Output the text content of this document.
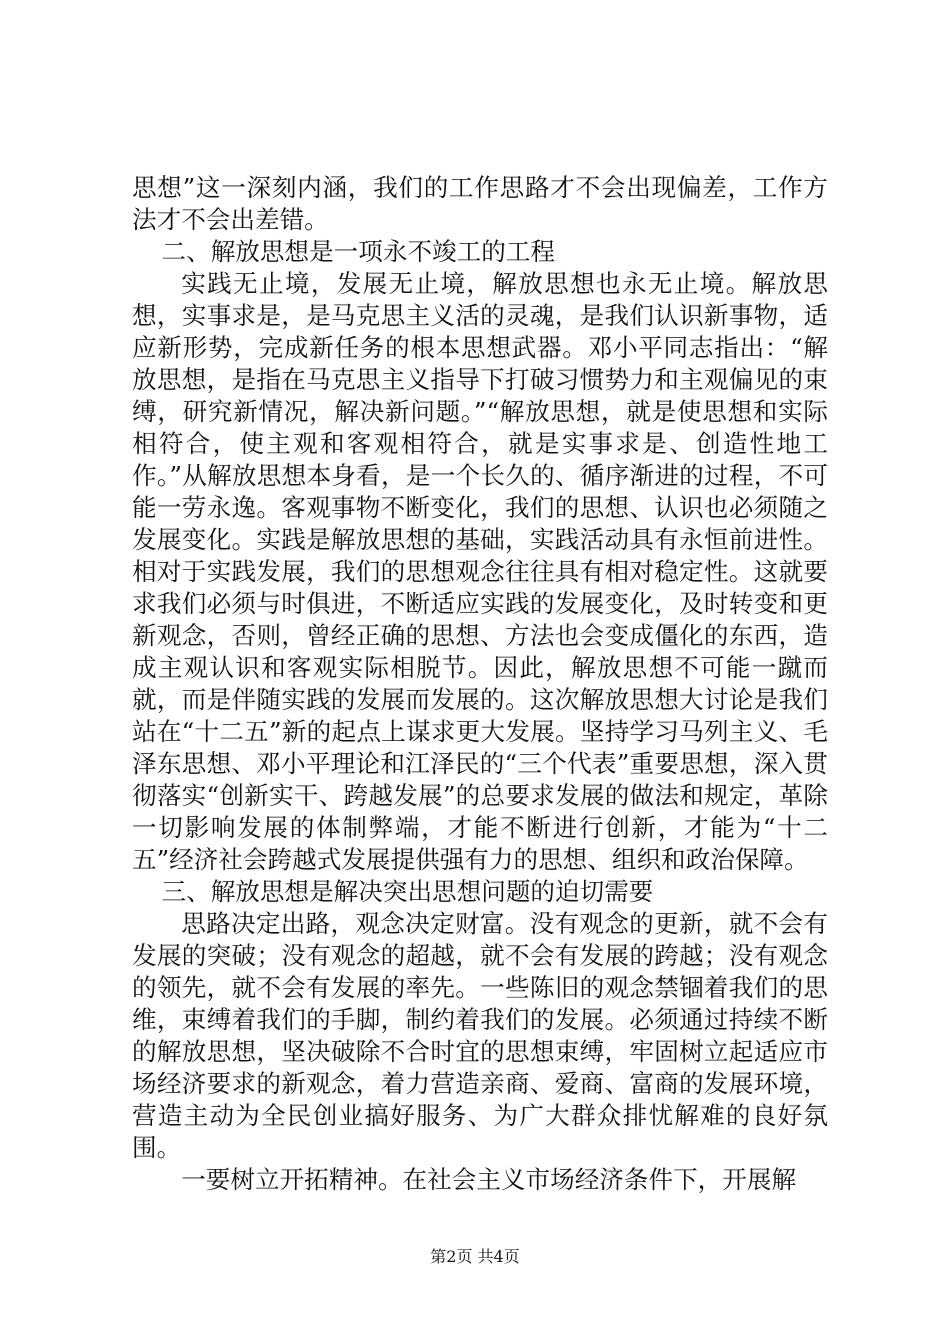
思想”这一深刻内涵，我们的工作思路才不会出现偏差，工作方法才不会出差错。

二、解放思想是一项永不竣工的工程

实践无止境，发展无止境，解放思想也永无止境。解放思想，实事求是，是马克思主义活的灵魂，是我们认识新事物，适应新形势，完成新任务的根本思想武器。邓小平同志指出：“解放思想，是指在马克思主义指导下打破习惯势力和主观偏见的束缚，研究新情况，解决新问题。”“解放思想，就是使思想和实际相符合，使主观和客观相符合，就是实事求是、创造性地工作。”从解放思想本身看，是一个长久的、循序渐进的过程，不可能一劳永逸。客观事物不断变化，我们的思想、认识也必须随之发展变化。实践是解放思想的基础，实践活动具有永恒前进性。相对于实践发展，我们的思想观念往往具有相对稳定性。这就要求我们必须与时俱进，不断适应实践的发展变化，及时转变和更新观念，否则，曾经正确的思想、方法也会变成僵化的东西，造成主观认识和客观实际相脱节。因此，解放思想不可能一蹴而就，而是伴随实践的发展而发展的。这次解放思想大讨论是我们站在“十二五”新的起点上谋求更大发展。坚持学习马列主义、毛泽东思想、邓小平理论和江泽民的“三个代表”重要思想，深入贯彻落实“创新实干、跨越发展”的总要求发展的做法和规定，革除一切影响发展的体制弊端，才能不断进行创新，才能为“十二五”经济社会跨越式发展提供强有力的思想、组织和政治保障。

三、解放思想是解决突出思想问题的迫切需要

思路决定出路，观念决定财富。没有观念的更新，就不会有发展的突破；没有观念的超越，就不会有发展的跨越；没有观念的领先，就不会有发展的率先。一些陈旧的观念禁锢着我们的思维，束缚着我们的手脚，制约着我们的发展。必须通过持续不断的解放思想，坚决破除不合时宜的思想束缚，牢固树立起适应市场经济要求的新观念，着力营造亲商、爱商、富商的发展环境，营造主动为全民创业搞好服务、为广大群众排忧解难的良好氛围。

一要树立开拓精神。在社会主义市场经济条件下，开展解

第2页 共4页
